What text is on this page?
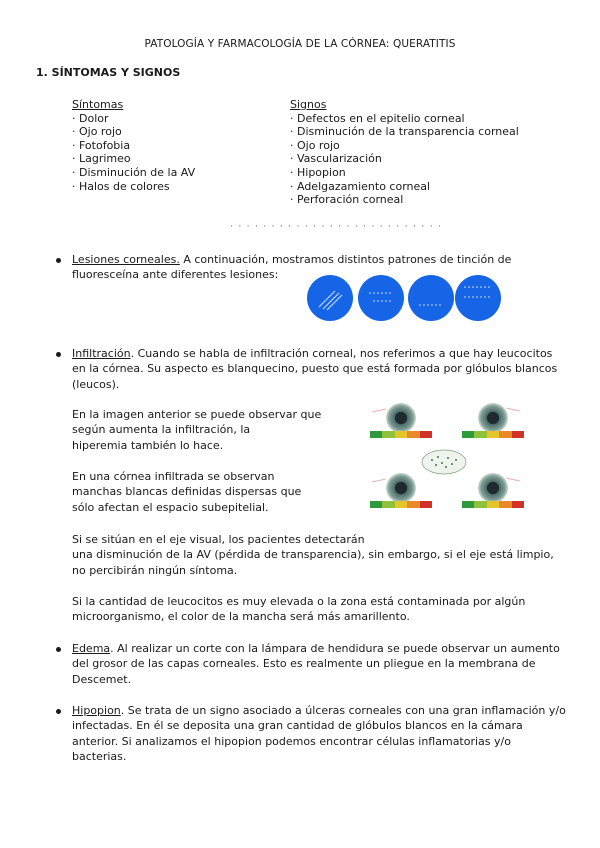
PATOLOGÍA Y FARMACOLOGÍA DE LA CÓRNEA: QUERATITIS
1. SÍNTOMAS Y SIGNOS
Síntomas
· Dolor
· Ojo rojo
· Fotofobia
· Lagrimeo
· Disminución de la AV
· Halos de colores
Signos
· Defectos en el epitelio corneal
· Disminución de la transparencia corneal
· Ojo rojo
· Vascularización
· Hipopion
· Adelgazamiento corneal
· Perforación corneal
· · · · · · · · · · · · · · · · · · · · · · · · · ·
Lesiones corneales. A continuación, mostramos distintos patrones de tinción de
fluoresceína ante diferentes lesiones:
Infiltración. Cuando se habla de infiltración corneal, nos referimos a que hay leucocitos
en la córnea. Su aspecto es blanquecino, puesto que está formada por glóbulos blancos
(leucos).
En la imagen anterior se puede observar que
según aumenta la infiltración, la
hiperemia también lo hace.
En una córnea infiltrada se observan
manchas blancas definidas dispersas que
sólo afectan el espacio subepitelial.
Si se sitúan en el eje visual, los pacientes detectarán
una disminución de la AV (pérdida de transparencia), sin embargo, si el eje está limpio,
no percibirán ningún síntoma.
Si la cantidad de leucocitos es muy elevada o la zona está contaminada por algún
microorganismo, el color de la mancha será más amarillento.
Edema. Al realizar un corte con la lámpara de hendidura se puede observar un aumento
del grosor de las capas corneales. Esto es realmente un pliegue en la membrana de
Descemet.
Hipopion. Se trata de un signo asociado a úlceras corneales con una gran inflamación y/o
infectadas. En él se deposita una gran cantidad de glóbulos blancos en la cámara
anterior. Si analizamos el hipopion podemos encontrar células inflamatorias y/o
bacterias.
